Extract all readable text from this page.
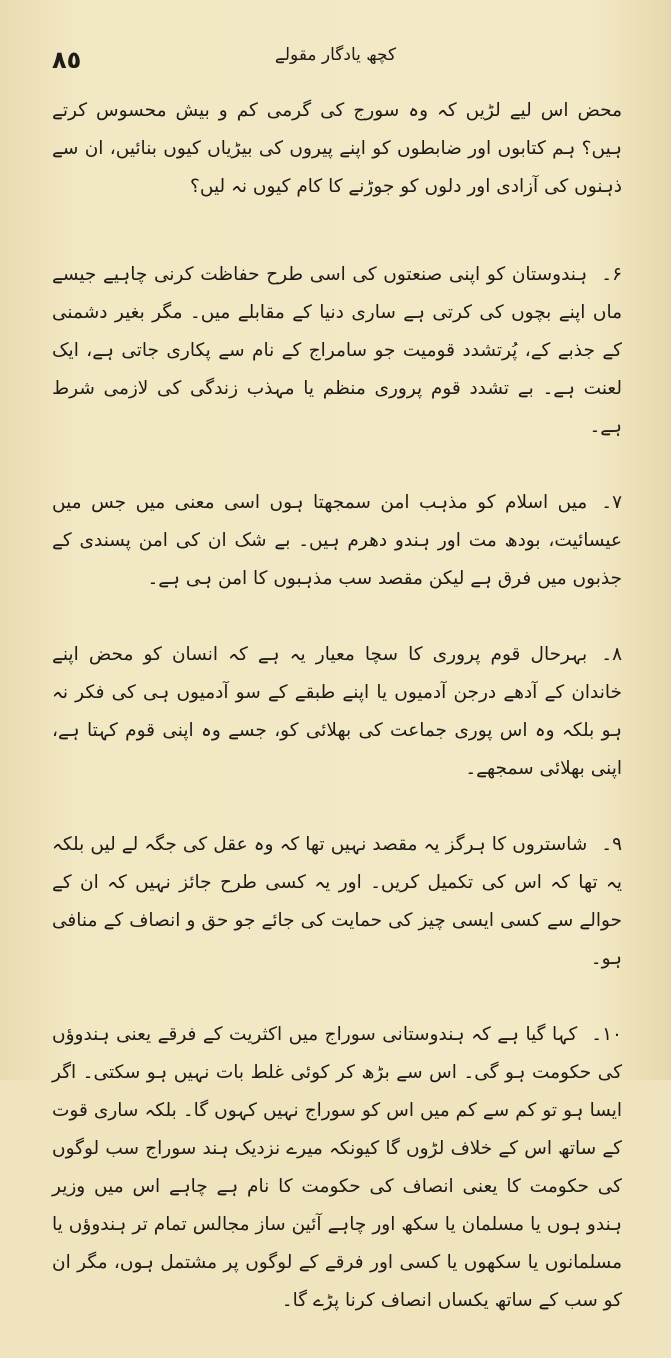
٨٥	کچھ یادگار مقولے

محض اس لیے لڑیں کہ وہ سورج کی گرمی کم و بیش محسوس کرتے ہیں؟ ہم کتابوں اور ضابطوں کو اپنے پیروں کی بیڑیاں کیوں بنائیں، ان سے ذہنوں کی آزادی اور دلوں کو جوڑنے کا کام کیوں نہ لیں؟

۶۔ہندوستان کو اپنی صنعتوں کی اسی طرح حفاظت کرنی چاہیے جیسے ماں اپنے بچوں کی کرتی ہے ساری دنیا کے مقابلے میں۔ مگر بغیر دشمنی کے جذبے کے، پُرتشدد قومیت جو سامراج کے نام سے پکاری جاتی ہے، ایک لعنت ہے۔ بے تشدد قوم پروری منظم یا مہذب زندگی کی لازمی شرط ہے۔

۷۔میں اسلام کو مذہب امن سمجھتا ہوں اسی معنی میں جس میں عیسائیت، بودھ مت اور ہندو دھرم ہیں۔ بے شک ان کی امن پسندی کے جذبوں میں فرق ہے لیکن مقصد سب مذہبوں کا امن ہی ہے۔

۸۔بہرحال قوم پروری کا سچا معیار یہ ہے کہ انسان کو محض اپنے خاندان کے آدھے درجن آدمیوں یا اپنے طبقے کے سو آدمیوں ہی کی فکر نہ ہو بلکہ وہ اس پوری جماعت کی بھلائی کو، جسے وہ اپنی قوم کہتا ہے، اپنی بھلائی سمجھے۔

۹۔شاستروں کا ہرگز یہ مقصد نہیں تھا کہ وہ عقل کی جگہ لے لیں بلکہ یہ تھا کہ اس کی تکمیل کریں۔ اور یہ کسی طرح جائز نہیں کہ ان کے حوالے سے کسی ایسی چیز کی حمایت کی جائے جو حق و انصاف کے منافی ہو۔

۱۰۔کہا گیا ہے کہ ہندوستانی سوراج میں اکثریت کے فرقے یعنی ہندوؤں کی حکومت ہو گی۔ اس سے بڑھ کر کوئی غلط بات نہیں ہو سکتی۔ اگر ایسا ہو تو کم سے کم میں اس کو سوراج نہیں کہوں گا۔ بلکہ ساری قوت کے ساتھ اس کے خلاف لڑوں گا کیونکہ میرے نزدیک ہند سوراج سب لوگوں کی حکومت کا یعنی انصاف کی حکومت کا نام ہے چاہے اس میں وزیر ہندو ہوں یا مسلمان یا سکھ اور چاہے آئین ساز مجالس تمام تر ہندوؤں یا مسلمانوں یا سکھوں یا کسی اور فرقے کے لوگوں پر مشتمل ہوں، مگر ان کو سب کے ساتھ یکساں انصاف کرنا پڑے گا۔
